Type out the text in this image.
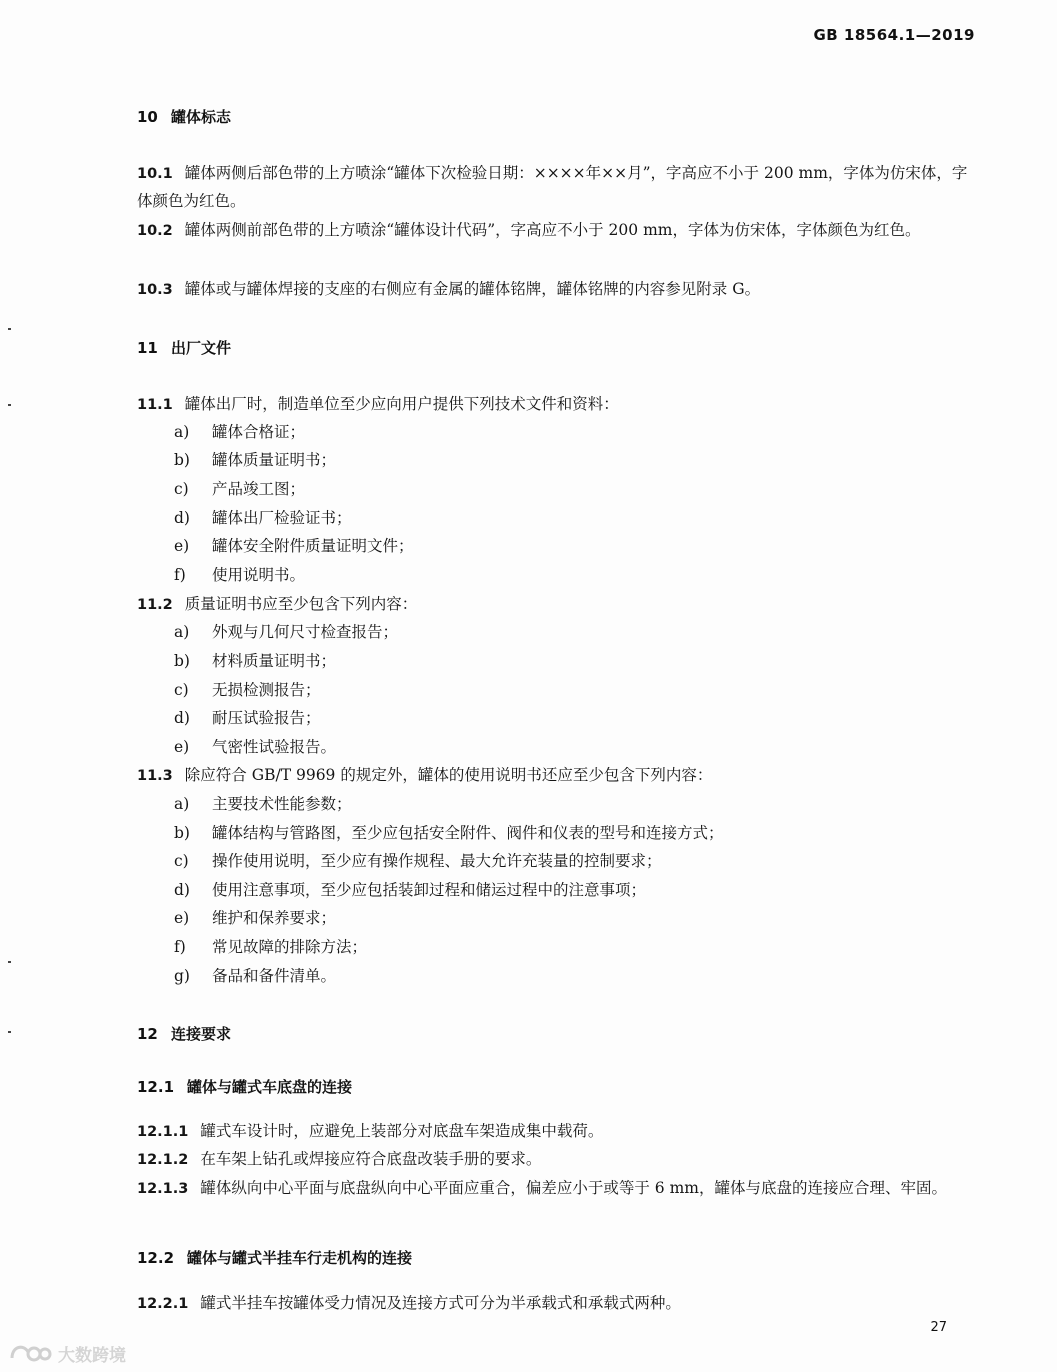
GB 18564.1—2019
10 罐体标志
10.1 罐体两侧后部色带的上方喷涂“罐体下次检验日期：××××年××月”，字高应不小于 200 mm，字体为仿宋体，字体颜色为红色。
10.2 罐体两侧前部色带的上方喷涂“罐体设计代码”，字高应不小于 200 mm，字体为仿宋体，字体颜色为红色。
10.3 罐体或与罐体焊接的支座的右侧应有金属的罐体铭牌，罐体铭牌的内容参见附录 G。
11 出厂文件
11.1 罐体出厂时，制造单位至少应向用户提供下列技术文件和资料：
a) 罐体合格证；
b) 罐体质量证明书；
c) 产品竣工图；
d) 罐体出厂检验证书；
e) 罐体安全附件质量证明文件；
f) 使用说明书。
11.2 质量证明书应至少包含下列内容：
a) 外观与几何尺寸检查报告；
b) 材料质量证明书；
c) 无损检测报告；
d) 耐压试验报告；
e) 气密性试验报告。
11.3 除应符合 GB/T 9969 的规定外，罐体的使用说明书还应至少包含下列内容：
a) 主要技术性能参数；
b) 罐体结构与管路图，至少应包括安全附件、阀件和仪表的型号和连接方式；
c) 操作使用说明，至少应有操作规程、最大允许充装量的控制要求；
d) 使用注意事项，至少应包括装卸过程和储运过程中的注意事项；
e) 维护和保养要求；
f) 常见故障的排除方法；
g) 备品和备件清单。
12 连接要求
12.1 罐体与罐式车底盘的连接
12.1.1 罐式车设计时，应避免上装部分对底盘车架造成集中载荷。
12.1.2 在车架上钻孔或焊接应符合底盘改装手册的要求。
12.1.3 罐体纵向中心平面与底盘纵向中心平面应重合，偏差应小于或等于 6 mm，罐体与底盘的连接应合理、牢固。
12.2 罐体与罐式半挂车行走机构的连接
12.2.1 罐式半挂车按罐体受力情况及连接方式可分为半承载式和承载式两种。
27
大数跨境
